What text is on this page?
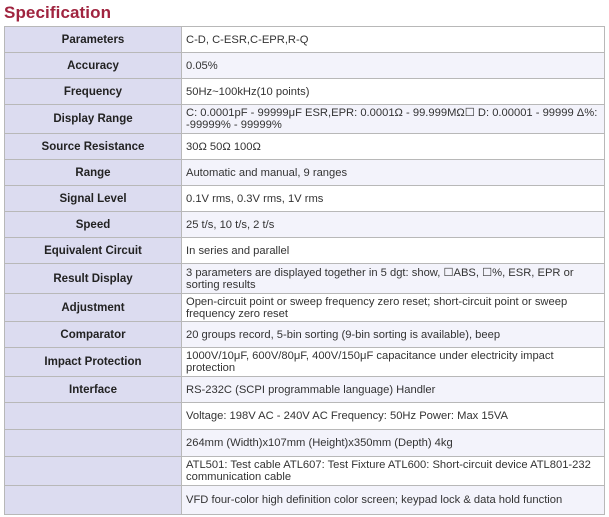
Specification
Parameters	C-D, C-ESR,C-EPR,R-Q
Accuracy	0.05%
Frequency	50Hz~100kHz(10 points)
Display Range	C: 0.0001pF - 99999μF ESR,EPR: 0.0001Ω - 99.999MΩ☐ D: 0.00001 - 99999 Δ%: -99999% - 99999%
Source Resistance	30Ω 50Ω 100Ω
Range	Automatic and manual, 9 ranges
Signal Level	0.1V rms, 0.3V rms, 1V rms
Speed	25 t/s, 10 t/s, 2 t/s
Equivalent Circuit	In series and parallel
Result Display	3 parameters are displayed together in 5 dgt: show, ☐ABS, ☐%, ESR, EPR or sorting results
Adjustment	Open-circuit point or sweep frequency zero reset; short-circuit point or sweep frequency zero reset
Comparator	20 groups record, 5-bin sorting (9-bin sorting is available), beep
Impact Protection	1000V/10μF, 600V/80μF, 400V/150μF capacitance under electricity impact protection
Interface	RS-232C (SCPI programmable language) Handler
	Voltage: 198V AC - 240V AC Frequency: 50Hz Power: Max 15VA
	264mm (Width)x107mm (Height)x350mm (Depth) 4kg
	ATL501: Test cable ATL607: Test Fixture ATL600: Short-circuit device ATL801-232 communication cable
	VFD four-color high definition color screen; keypad lock & data hold function
